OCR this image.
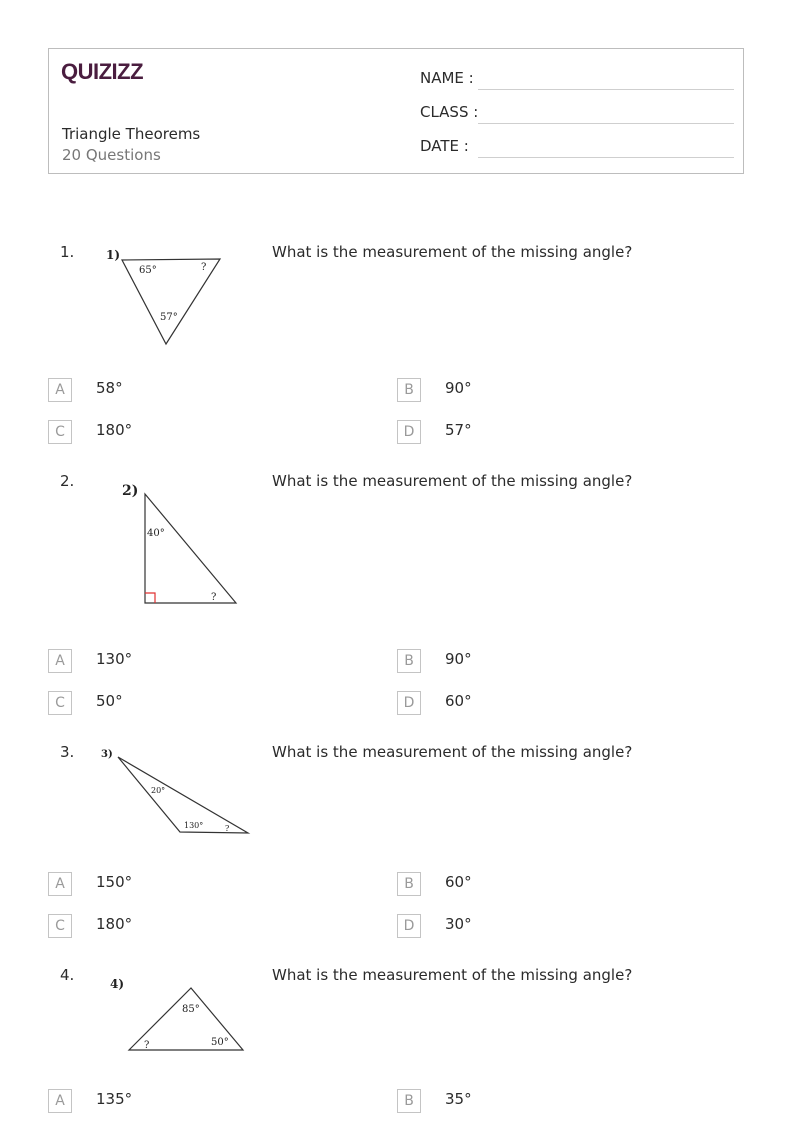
QUIZIZZ
Triangle Theorems
20 Questions
NAME :
CLASS :
DATE :
1.	What is the measurement of the missing angle?
1)
65°	?
57°
A	58°	B	90°
C	180°	D	57°
2.	What is the measurement of the missing angle?
2)
40°
?
A	130°	B	90°
C	50°	D	60°
3.	What is the measurement of the missing angle?
3)
20°
130°	?
A	150°	B	60°
C	180°	D	30°
4.	What is the measurement of the missing angle?
4)
85°
?	50°
A	135°	B	35°
